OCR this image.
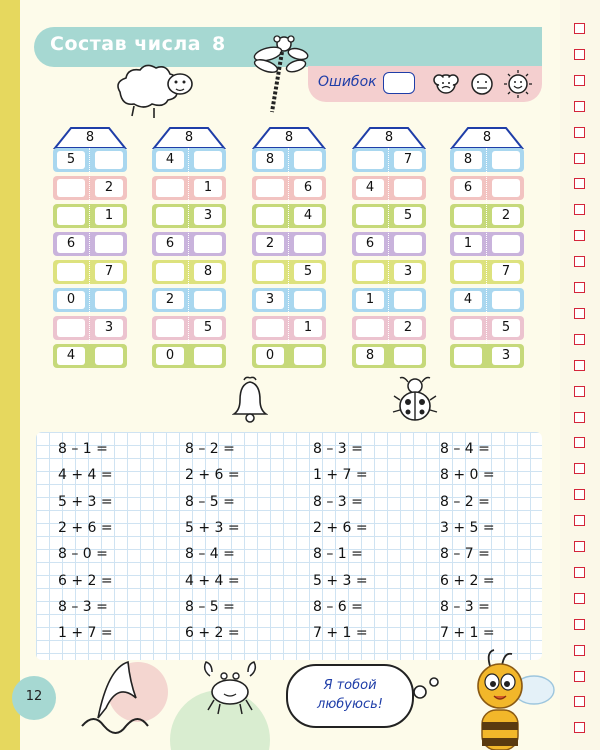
Состав числа 8
Ошибок
8
5
2
1
6
7
0
3
4
8
4
1
3
6
8
2
5
0
8
8
6
4
2
5
3
1
0
8
7
4
5
6
3
1
2
8
8
8
6
2
1
7
4
5
3
8 – 1 =
4 + 4 =
5 + 3 =
2 + 6 =
8 – 0 =
6 + 2 =
8 – 3 =
1 + 7 =
8 – 2 =
2 + 6 =
8 – 5 =
5 + 3 =
8 – 4 =
4 + 4 =
8 – 5 =
6 + 2 =
8 – 3 =
1 + 7 =
8 – 3 =
2 + 6 =
8 – 1 =
5 + 3 =
8 – 6 =
7 + 1 =
8 – 4 =
8 + 0 =
8 – 2 =
3 + 5 =
8 – 7 =
6 + 2 =
8 – 3 =
7 + 1 =
Я тобой
любуюсь!
12
